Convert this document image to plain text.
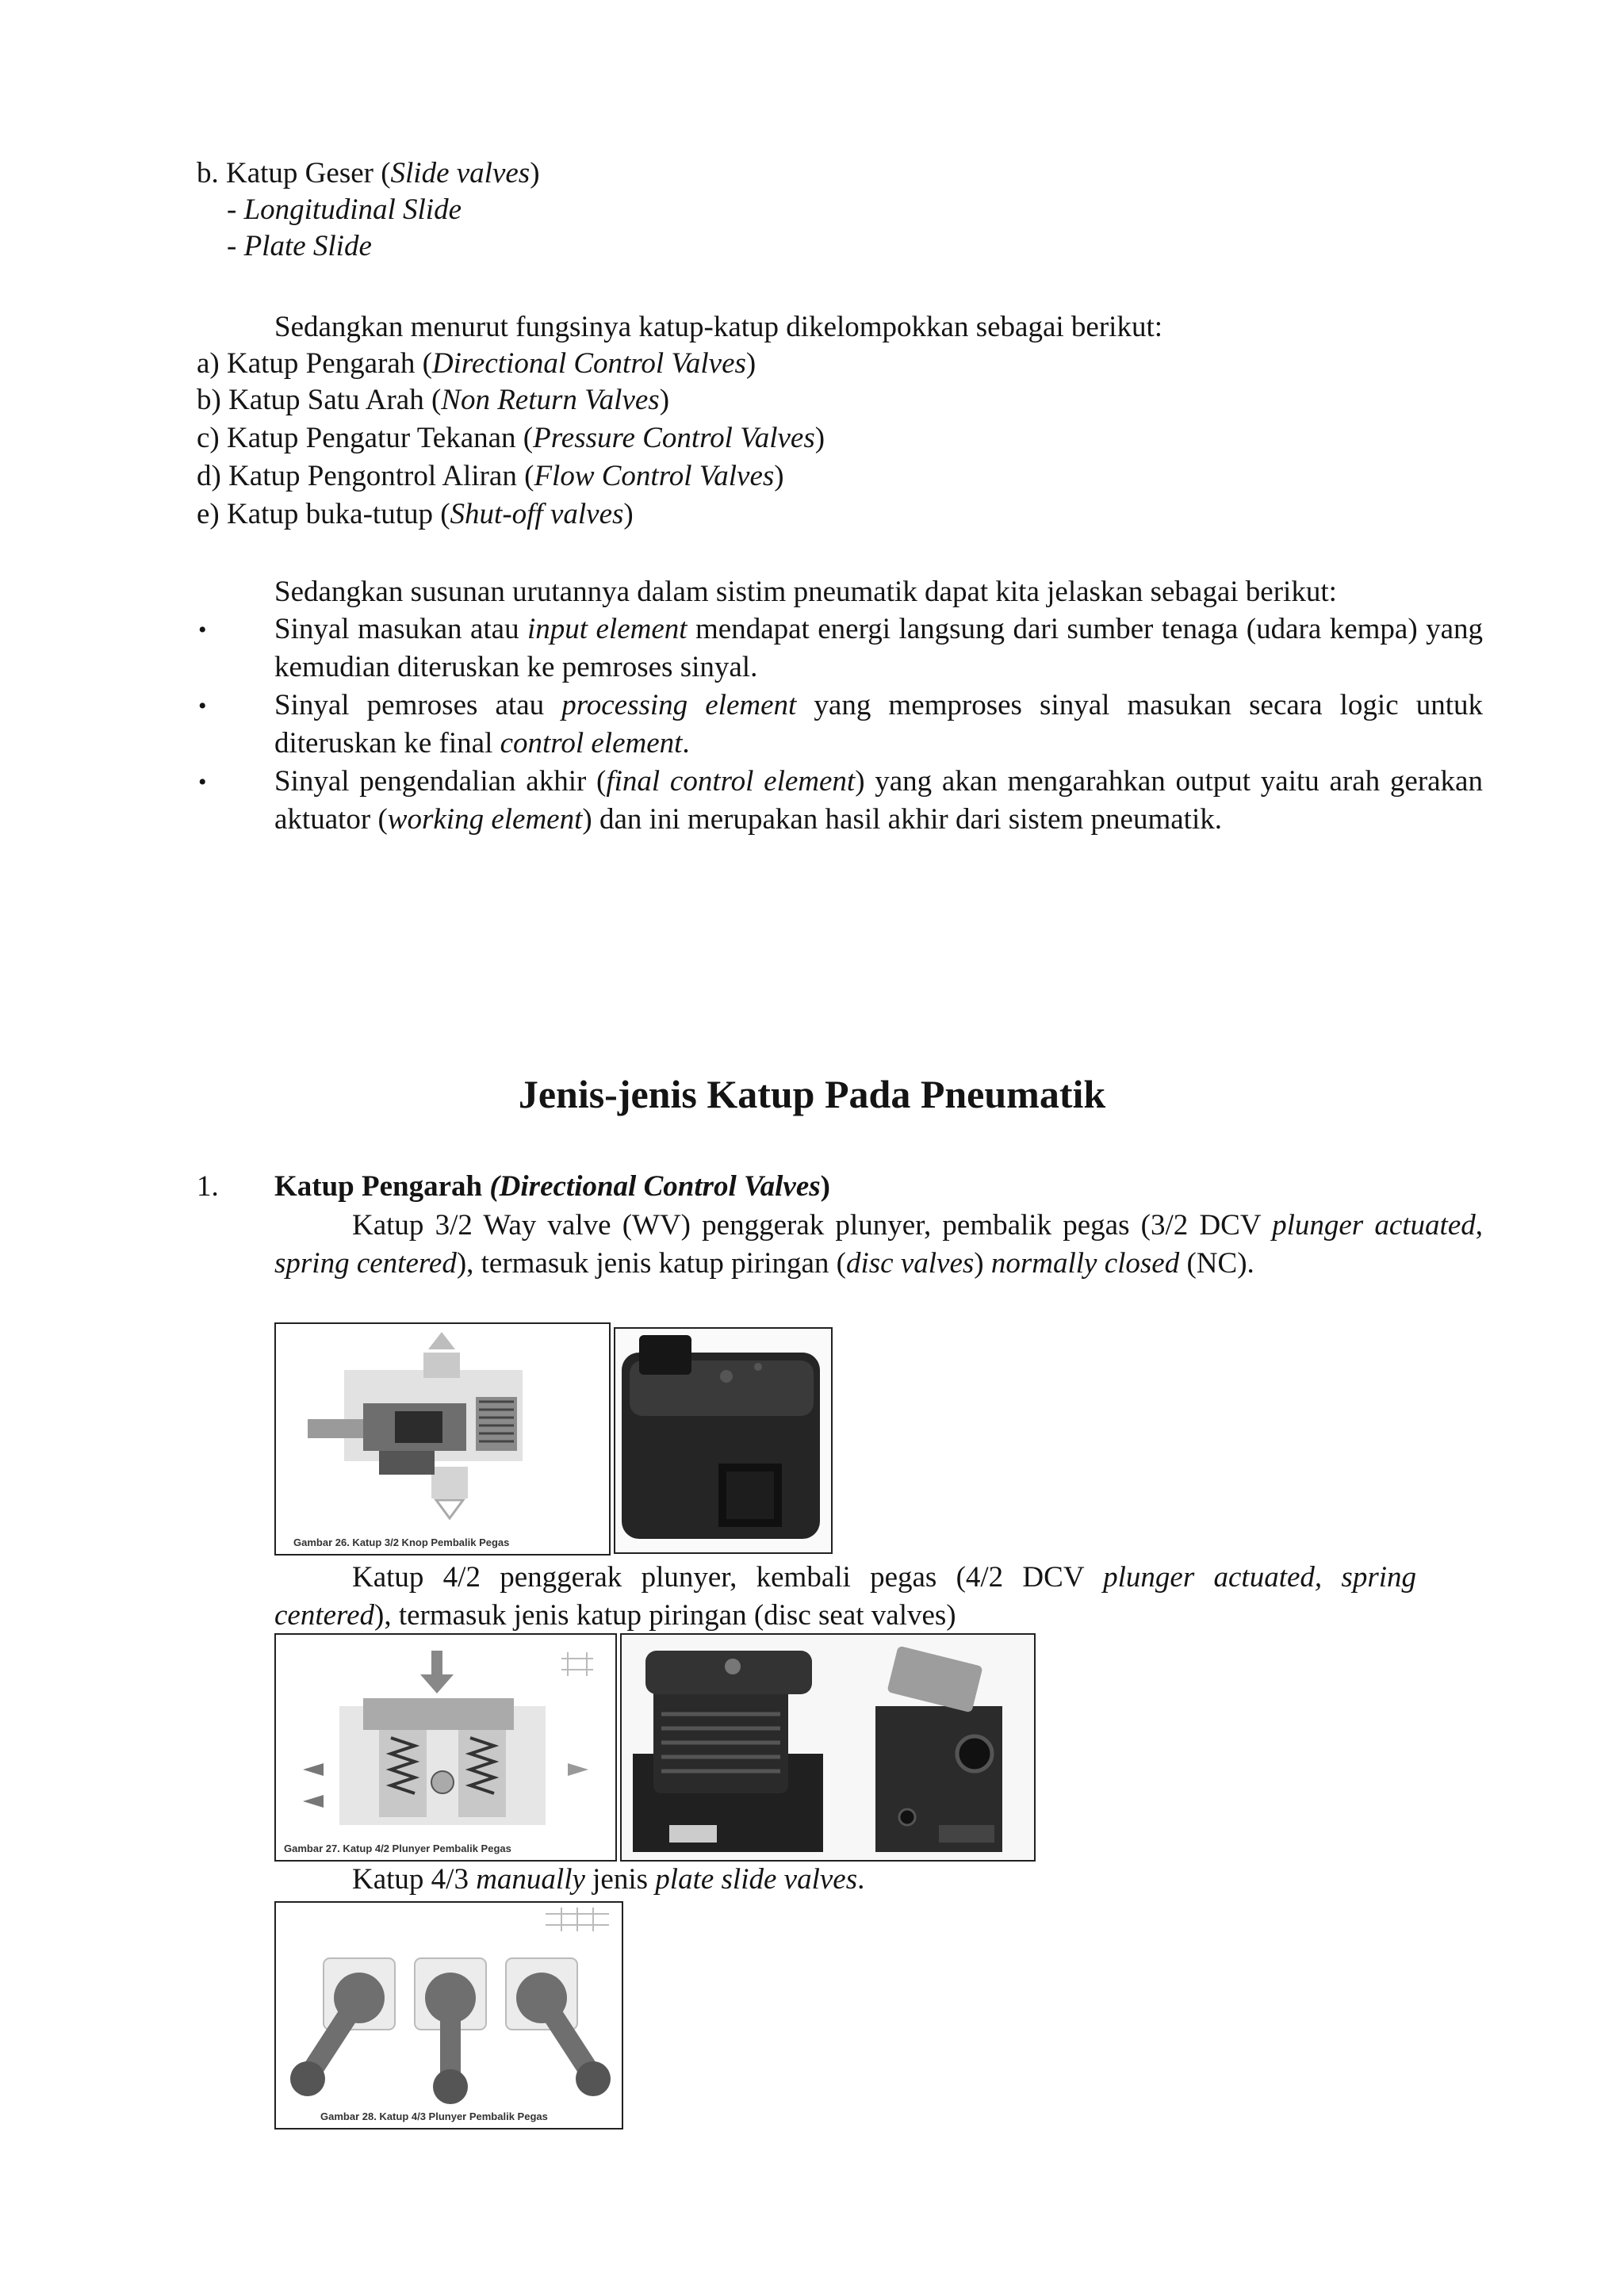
b. Katup Geser (Slide valves)
- Longitudinal Slide
- Plate Slide
Sedangkan menurut fungsinya katup-katup dikelompokkan sebagai berikut:
a) Katup Pengarah (Directional Control Valves)
b) Katup Satu Arah (Non Return Valves)
c) Katup Pengatur Tekanan (Pressure Control Valves)
d) Katup Pengontrol Aliran (Flow Control Valves)
e) Katup buka-tutup (Shut-off valves)
Sedangkan susunan urutannya dalam sistim pneumatik dapat kita jelaskan sebagai berikut:
• Sinyal masukan atau input element mendapat energi langsung dari sumber tenaga (udara kempa) yang kemudian diteruskan ke pemroses sinyal.
• Sinyal pemroses atau processing element yang memproses sinyal masukan secara logic untuk diteruskan ke final control element.
• Sinyal pengendalian akhir (final control element) yang akan mengarahkan output yaitu arah gerakan aktuator (working element) dan ini merupakan hasil akhir dari sistem pneumatik.
Jenis-jenis Katup Pada Pneumatik
1. Katup Pengarah (Directional Control Valves)
Katup 3/2 Way valve (WV) penggerak plunyer, pembalik pegas (3/2 DCV plunger actuated, spring centered), termasuk jenis katup piringan (disc valves) normally closed (NC).
Gambar 26. Katup 3/2 Knop Pembalik Pegas
Katup 4/2 penggerak plunyer, kembali pegas (4/2 DCV plunger actuated, spring centered), termasuk jenis katup piringan (disc seat valves)
Gambar 27. Katup 4/2 Plunyer Pembalik Pegas
Katup 4/3 manually jenis plate slide valves.
Gambar 28. Katup 4/3 Plunyer Pembalik Pegas
